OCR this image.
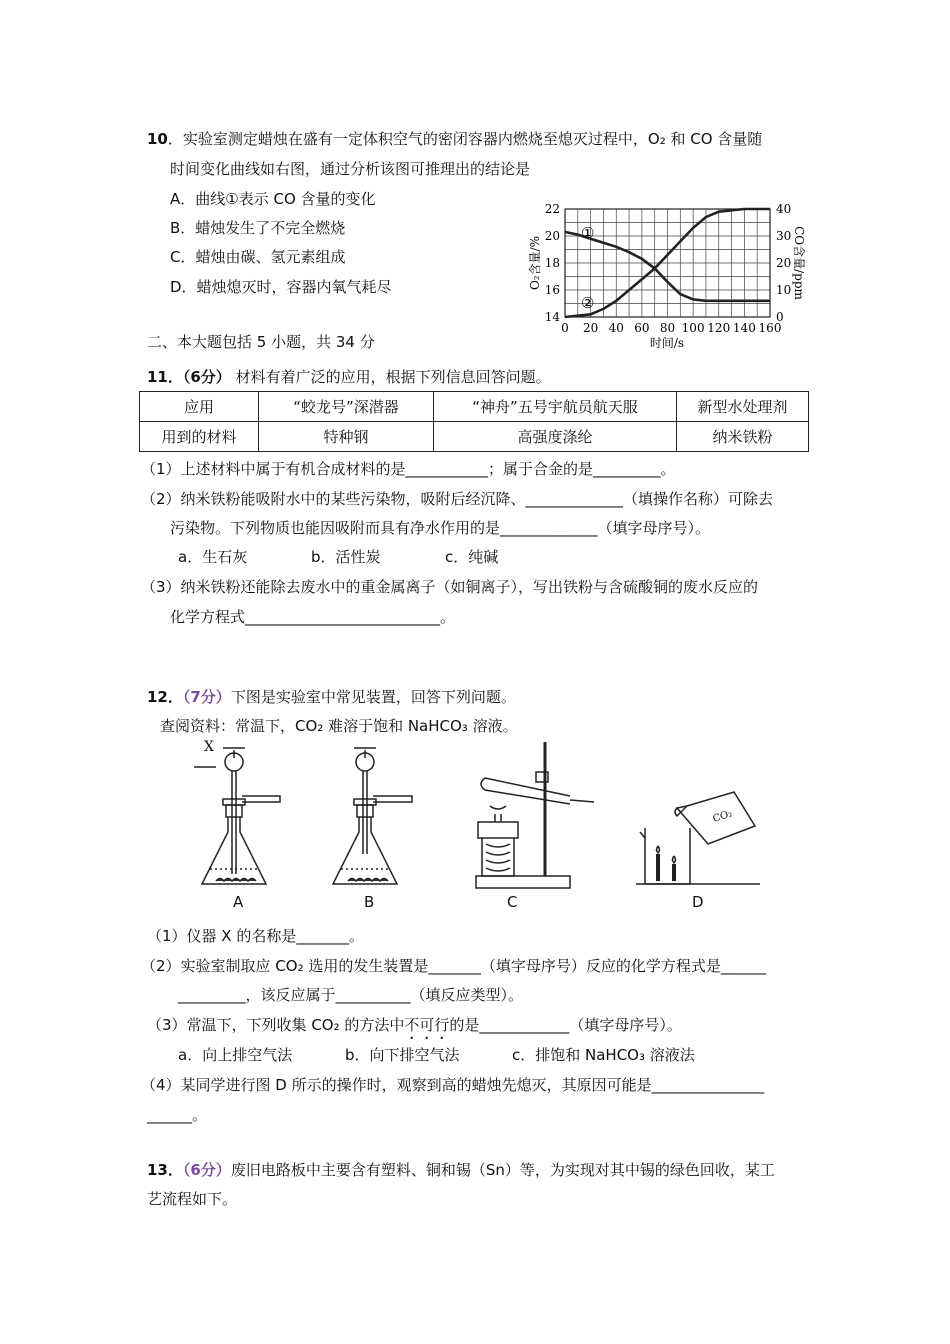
10．实验室测定蜡烛在盛有一定体积空气的密闭容器内燃烧至熄灭过程中，O₂ 和 CO 含量随
时间变化曲线如右图，通过分析该图可推理出的结论是
A．曲线①表示 CO 含量的变化
B．蜡烛发生了不完全燃烧
C．蜡烛由碳、氢元素组成
D．蜡烛熄灭时，容器内氧气耗尽
0 20 40 60 80 100 120 140 160
14
16
18
20
22
0
10
20
30
40
①
②
时间/s
O₂含量/%	CO含量/ppm
二、本大题包括 5 小题，共 34 分
11．（6分） 材料有着广泛的应用，根据下列信息回答问题。
应用	“蛟龙号”深潜器	“神舟”五号宇航员航天服	新型水处理剂
用到的材料	特种钢	高强度涤纶	纳米铁粉
（1）上述材料中属于有机合成材料的是___________；属于合金的是_________。
（2）纳米铁粉能吸附水中的某些污染物，吸附后经沉降、_____________（填操作名称）可除去
污染物。下列物质也能因吸附而具有净水作用的是_____________（填字母序号）。
a．生石灰	b．活性炭	c．纯碱
（3）纳米铁粉还能除去废水中的重金属离子（如铜离子），写出铁粉与含硫酸铜的废水反应的
化学方程式__________________________。
12．（7分）下图是实验室中常见装置，回答下列问题。
查阅资料：常温下，CO₂ 难溶于饱和 NaHCO₃ 溶液。
X
CO₂
A	B	C	D
（1）仪器 X 的名称是_______。
（2）实验室制取应 CO₂ 选用的发生装置是_______（填字母序号）反应的化学方程式是______
_________，该反应属于__________（填反应类型）。
（3）常温下，下列收集 CO₂ 的方法中不可行的是____________（填字母序号）。
a．向上排空气法	b．向下排空气法	c．排饱和 NaHCO₃ 溶液法
（4）某同学进行图 D 所示的操作时，观察到高的蜡烛先熄灭，其原因可能是_______________
______。
13．（6分）废旧电路板中主要含有塑料、铜和锡（Sn）等，为实现对其中锡的绿色回收，某工
艺流程如下。
